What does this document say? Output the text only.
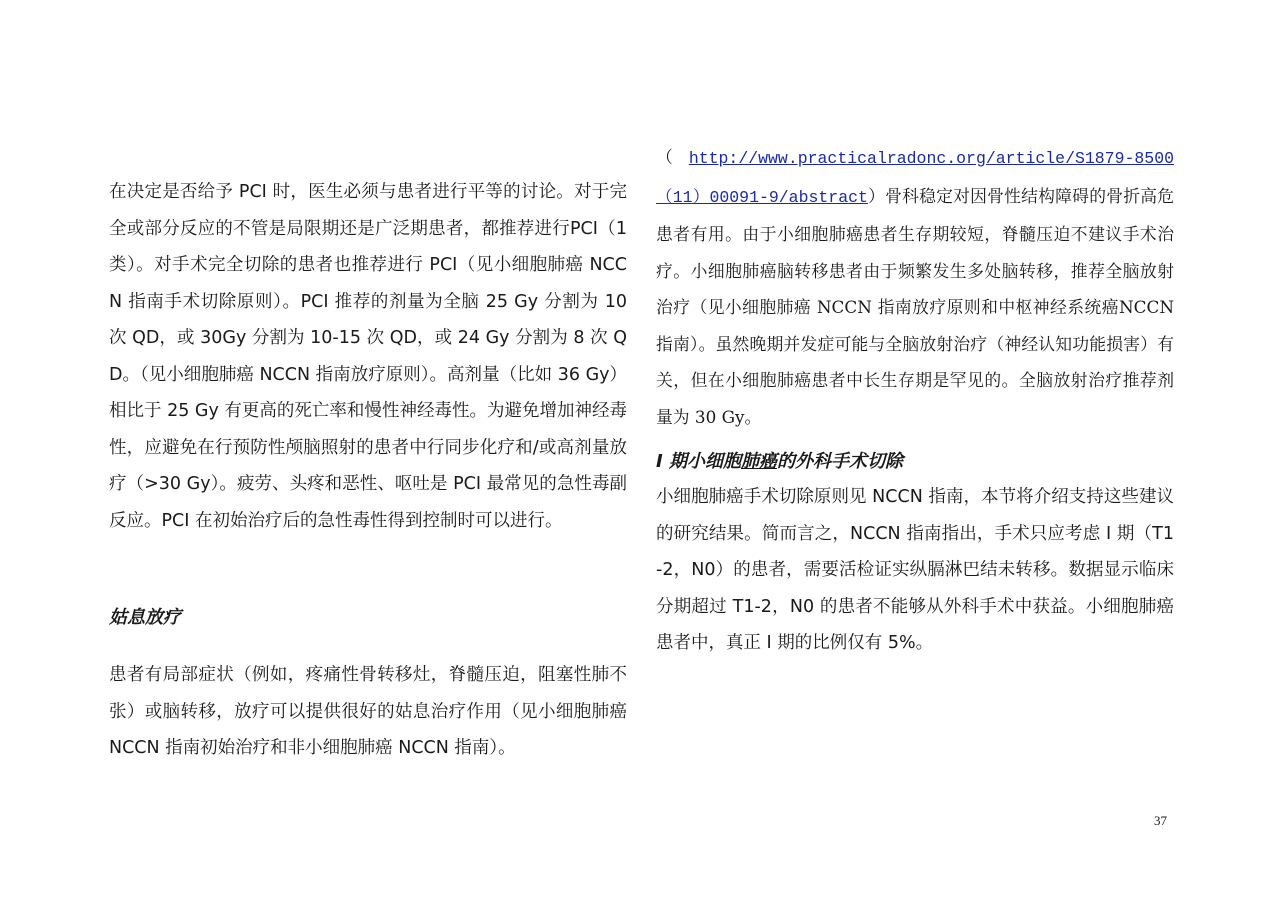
在决定是否给予 PCI 时，医生必须与患者进行平等的讨论。对于完全或部分反应的不管是局限期还是广泛期患者，都推荐进行PCI（1 类）。对手术完全切除的患者也推荐进行 PCI（见小细胞肺癌 NCCN 指南手术切除原则）。PCI 推荐的剂量为全脑 25 Gy 分割为 10 次 QD，或 30Gy 分割为 10-15 次 QD，或 24 Gy 分割为 8 次 QD。（见小细胞肺癌 NCCN 指南放疗原则）。高剂量（比如 36 Gy）相比于 25 Gy 有更高的死亡率和慢性神经毒性。为避免增加神经毒性，应避免在行预防性颅脑照射的患者中行同步化疗和/或高剂量放疗（>30 Gy）。疲劳、头疼和恶性、呕吐是 PCI 最常见的急性毒副反应。PCI 在初始治疗后的急性毒性得到控制时可以进行。

姑息放疗

患者有局部症状（例如，疼痛性骨转移灶，脊髓压迫，阻塞性肺不张）或脑转移，放疗可以提供很好的姑息治疗作用（见小细胞肺癌 NCCN 指南初始治疗和非小细胞肺癌 NCCN 指南）。

（http://www.practicalradonc.org/article/S1879-8500（11）00091-9/abstract）骨科稳定对因骨性结构障碍的骨折高危患者有用。由于小细胞肺癌患者生存期较短，脊髓压迫不建议手术治疗。小细胞肺癌脑转移患者由于频繁发生多处脑转移，推荐全脑放射治疗（见小细胞肺癌 NCCN 指南放疗原则和中枢神经系统癌NCCN 指南）。虽然晚期并发症可能与全脑放射治疗（神经认知功能损害）有关，但在小细胞肺癌患者中长生存期是罕见的。全脑放射治疗推荐剂量为 30 Gy。

I 期小细胞肺癌的外科手术切除

小细胞肺癌手术切除原则见 NCCN 指南，本节将介绍支持这些建议的研究结果。简而言之，NCCN 指南指出，手术只应考虑 I 期（T1-2，N0）的患者，需要活检证实纵膈淋巴结未转移。数据显示临床分期超过 T1-2，N0 的患者不能够从外科手术中获益。小细胞肺癌患者中，真正 I 期的比例仅有 5%。

37
